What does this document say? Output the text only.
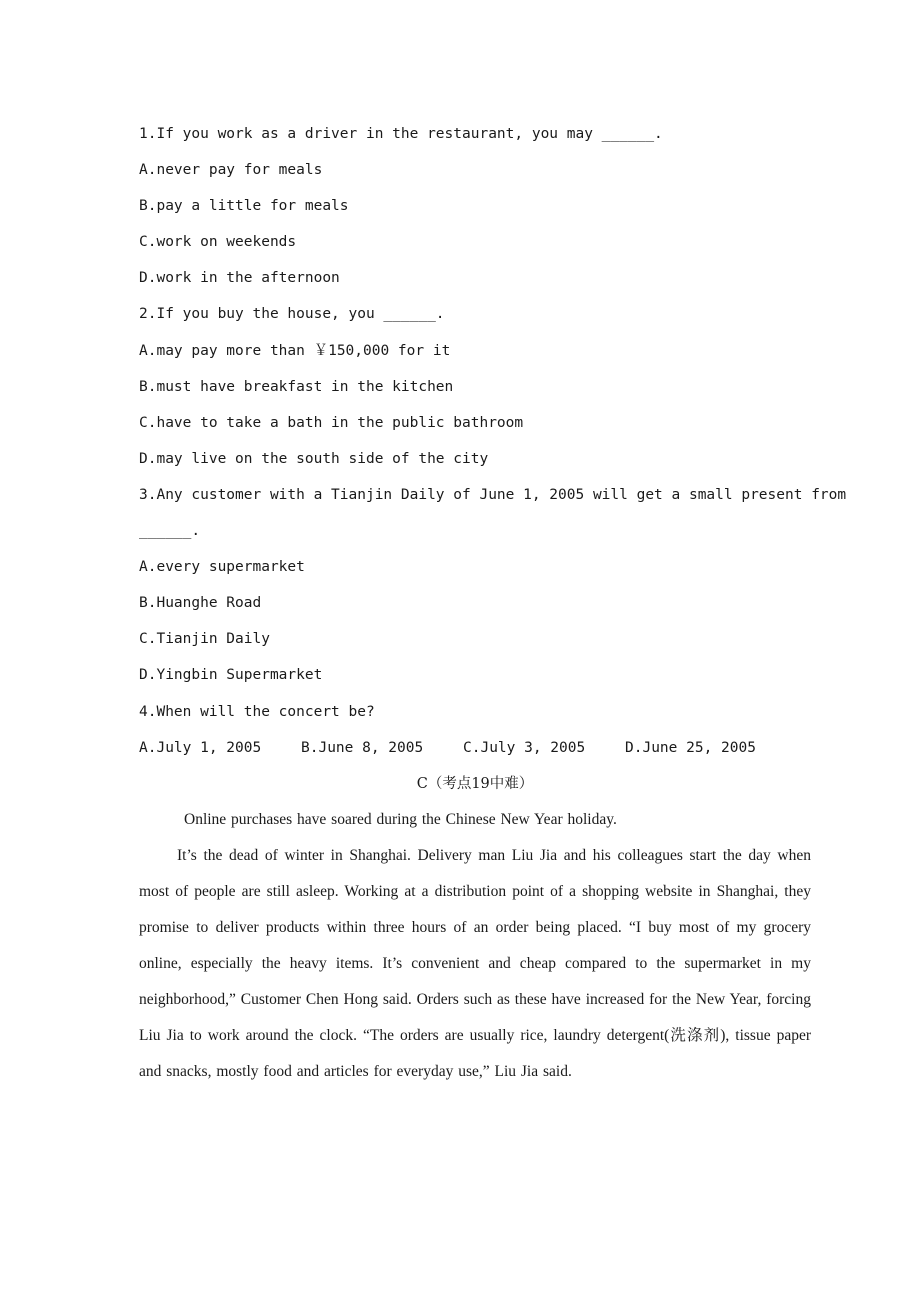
1.If you work as a driver in the restaurant, you may ______.
A.never pay for meals
B.pay a little for meals
C.work on weekends
D.work in the afternoon
2.If you buy the house, you ______.
A.may pay more than ￥150,000 for it
B.must have breakfast in the kitchen
C.have to take a bath in the public bathroom
D.may live on the south side of the city
3.Any customer with a Tianjin Daily of June 1, 2005 will get a small present from
______.
A.every supermarket
B.Huanghe Road
C.Tianjin Daily
D.Yingbin Supermarket
4.When will the concert be?
A.July 1, 2005	B.June 8, 2005	C.July 3, 2005	D.June 25, 2005
C（考点19中难）
Online purchases have soared during the Chinese New Year holiday.
It’s the dead of winter in Shanghai. Delivery man Liu Jia and his colleagues start the day when most of people are still asleep. Working at a distribution point of a shopping website in Shanghai, they promise to deliver products within three hours of an order being placed. “I buy most of my grocery online, especially the heavy items. It’s convenient and cheap compared to the supermarket in my neighborhood,” Customer Chen Hong said. Orders such as these have increased for the New Year, forcing Liu Jia to work around the clock. “The orders are usually rice, laundry detergent(洗涤剂), tissue paper and snacks, mostly food and articles for everyday use,” Liu Jia said.
